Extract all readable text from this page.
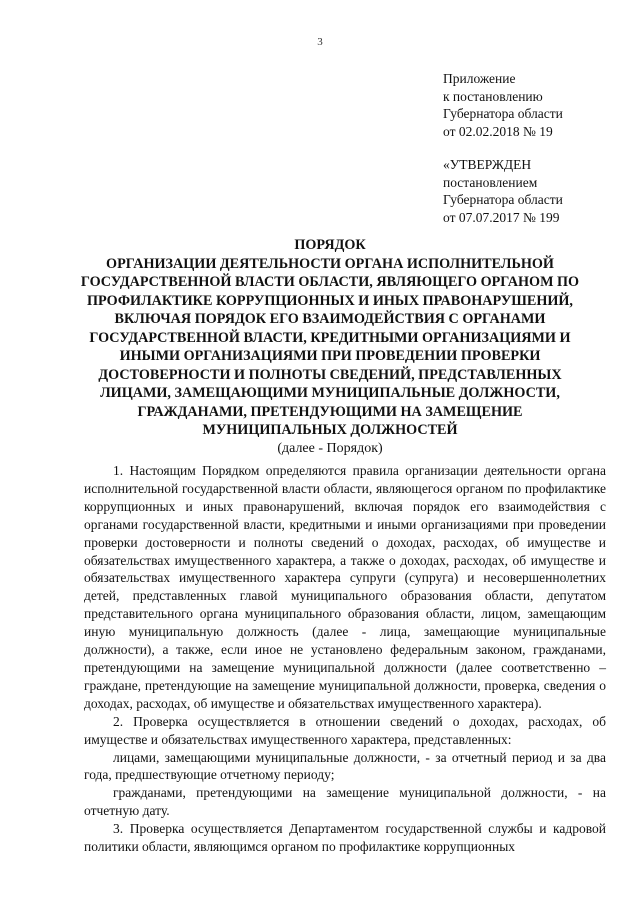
3
Приложение
к постановлению
Губернатора области
от 02.02.2018 № 19
«УТВЕРЖДЕН
постановлением
Губернатора области
от 07.07.2017 № 199
ПОРЯДОК
ОРГАНИЗАЦИИ ДЕЯТЕЛЬНОСТИ ОРГАНА ИСПОЛНИТЕЛЬНОЙ
ГОСУДАРСТВЕННОЙ ВЛАСТИ ОБЛАСТИ, ЯВЛЯЮЩЕГО ОРГАНОМ ПО
ПРОФИЛАКТИКЕ КОРРУПЦИОННЫХ И ИНЫХ ПРАВОНАРУШЕНИЙ,
ВКЛЮЧАЯ ПОРЯДОК ЕГО ВЗАИМОДЕЙСТВИЯ С ОРГАНАМИ
ГОСУДАРСТВЕННОЙ ВЛАСТИ, КРЕДИТНЫМИ ОРГАНИЗАЦИЯМИ И
ИНЫМИ ОРГАНИЗАЦИЯМИ ПРИ ПРОВЕДЕНИИ ПРОВЕРКИ
ДОСТОВЕРНОСТИ И ПОЛНОТЫ СВЕДЕНИЙ, ПРЕДСТАВЛЕННЫХ
ЛИЦАМИ, ЗАМЕЩАЮЩИМИ МУНИЦИПАЛЬНЫЕ ДОЛЖНОСТИ,
ГРАЖДАНАМИ, ПРЕТЕНДУЮЩИМИ НА ЗАМЕЩЕНИЕ
МУНИЦИПАЛЬНЫХ ДОЛЖНОСТЕЙ
(далее - Порядок)

1. Настоящим Порядком определяются правила организации деятельности органа исполнительной государственной власти области, являющегося органом по профилактике коррупционных и иных правонарушений, включая порядок его взаимодействия с органами государственной власти, кредитными и иными организациями при проведении проверки достоверности и полноты сведений о доходах, расходах, об имуществе и обязательствах имущественного характера, а также о доходах, расходах, об имуществе и обязательствах имущественного характера супруги (супруга) и несовершеннолетних детей, представленных главой муниципального образования области, депутатом представительного органа муниципального образования области, лицом, замещающим иную муниципальную должность (далее - лица, замещающие муниципальные должности), а также, если иное не установлено федеральным законом, гражданами, претендующими на замещение муниципальной должности (далее соответственно – граждане, претендующие на замещение муниципальной должности, проверка, сведения о доходах, расходах, об имуществе и обязательствах имущественного характера).

2. Проверка осуществляется в отношении сведений о доходах, расходах, об имуществе и обязательствах имущественного характера, представленных:

лицами, замещающими муниципальные должности, - за отчетный период и за два года, предшествующие отчетному периоду;

гражданами, претендующими на замещение муниципальной должности, - на отчетную дату.

3. Проверка осуществляется Департаментом государственной службы и кадровой политики области, являющимся органом по профилактике коррупционных
